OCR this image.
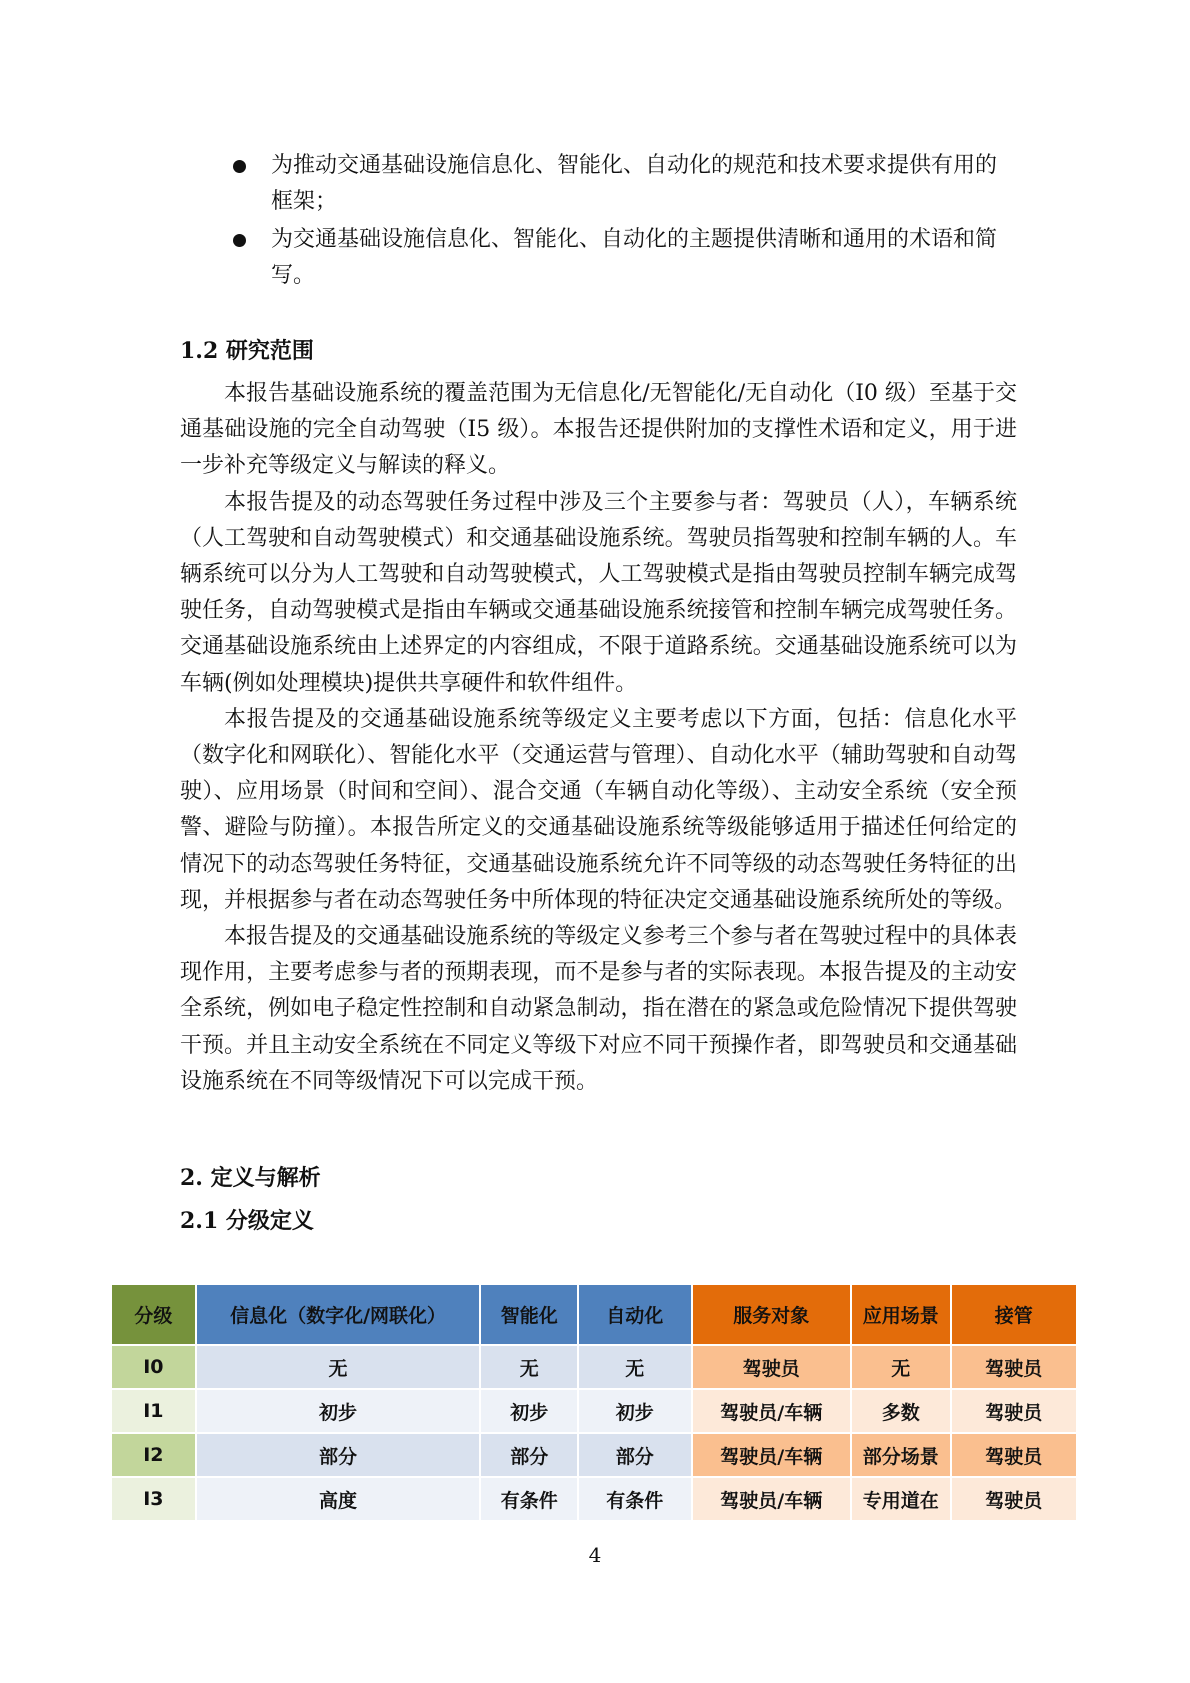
为推动交通基础设施信息化、智能化、自动化的规范和技术要求提供有用的框架；
为交通基础设施信息化、智能化、自动化的主题提供清晰和通用的术语和简写。
1.2 研究范围

本报告基础设施系统的覆盖范围为无信息化/无智能化/无自动化（I0 级）至基于交通基础设施的完全自动驾驶（I5 级）。本报告还提供附加的支撑性术语和定义，用于进一步补充等级定义与解读的释义。

本报告提及的动态驾驶任务过程中涉及三个主要参与者：驾驶员（人），车辆系统（人工驾驶和自动驾驶模式）和交通基础设施系统。驾驶员指驾驶和控制车辆的人。车辆系统可以分为人工驾驶和自动驾驶模式，人工驾驶模式是指由驾驶员控制车辆完成驾驶任务，自动驾驶模式是指由车辆或交通基础设施系统接管和控制车辆完成驾驶任务。交通基础设施系统由上述界定的内容组成，不限于道路系统。交通基础设施系统可以为车辆(例如处理模块)提供共享硬件和软件组件。

本报告提及的交通基础设施系统等级定义主要考虑以下方面，包括：信息化水平（数字化和网联化）、智能化水平（交通运营与管理）、自动化水平（辅助驾驶和自动驾驶）、应用场景（时间和空间）、混合交通（车辆自动化等级）、主动安全系统（安全预警、避险与防撞）。本报告所定义的交通基础设施系统等级能够适用于描述任何给定的情况下的动态驾驶任务特征，交通基础设施系统允许不同等级的动态驾驶任务特征的出现，并根据参与者在动态驾驶任务中所体现的特征决定交通基础设施系统所处的等级。

本报告提及的交通基础设施系统的等级定义参考三个参与者在驾驶过程中的具体表现作用，主要考虑参与者的预期表现，而不是参与者的实际表现。本报告提及的主动安全系统，例如电子稳定性控制和自动紧急制动，指在潜在的紧急或危险情况下提供驾驶干预。并且主动安全系统在不同定义等级下对应不同干预操作者，即驾驶员和交通基础设施系统在不同等级情况下可以完成干预。

2. 定义与解析
2.1 分级定义
分级	信息化（数字化/网联化）	智能化	自动化	服务对象	应用场景	接管
I0	无	无	无	驾驶员	无	驾驶员
I1	初步	初步	初步	驾驶员/车辆	多数	驾驶员
I2	部分	部分	部分	驾驶员/车辆	部分场景	驾驶员
I3	高度	有条件	有条件	驾驶员/车辆	专用道在	驾驶员
4
